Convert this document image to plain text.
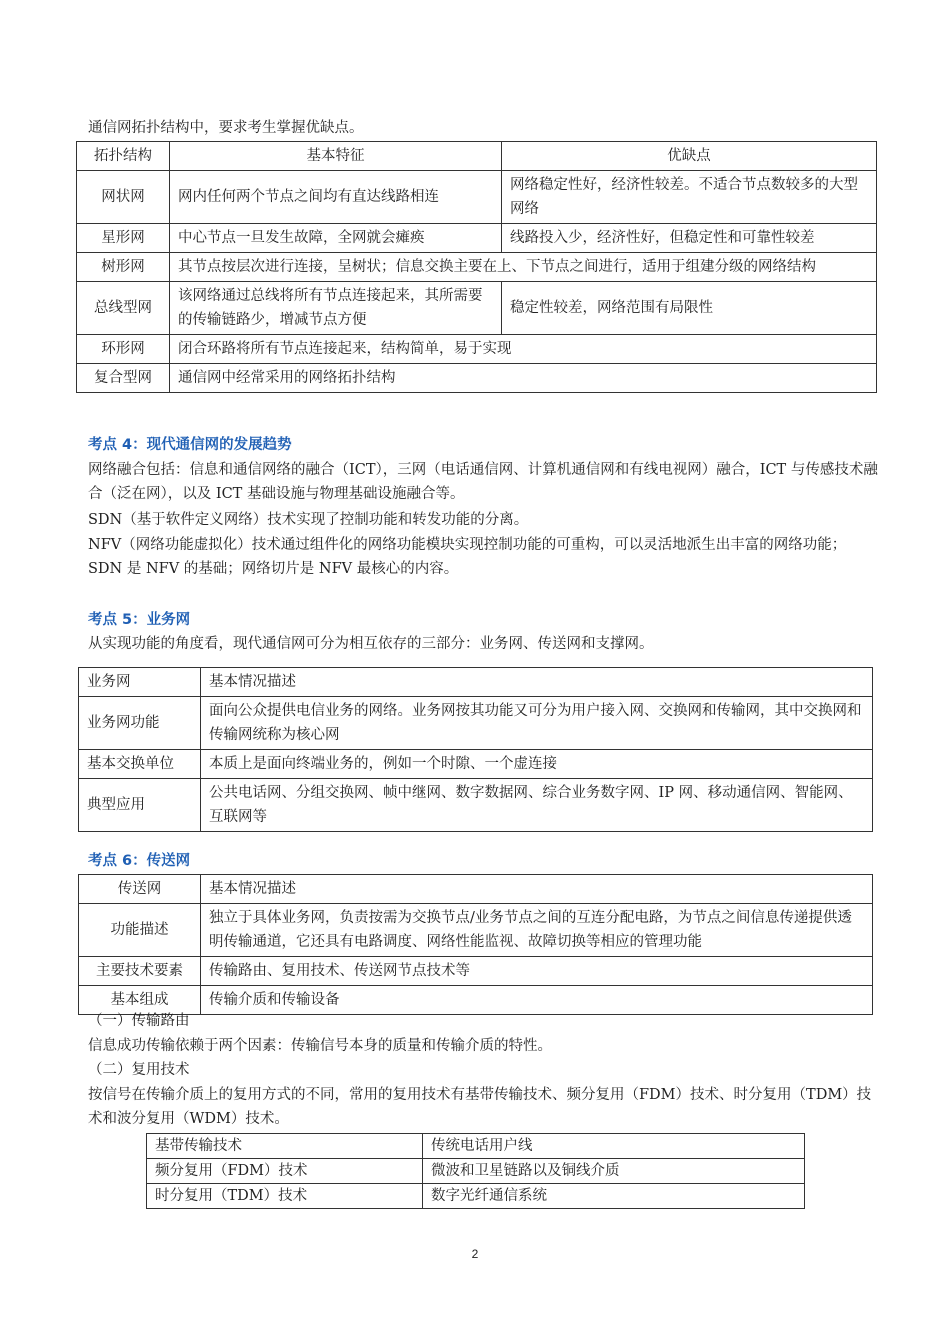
通信网拓扑结构中，要求考生掌握优缺点。
拓扑结构	基本特征	优缺点
网状网	网内任何两个节点之间均有直达线路相连	网络稳定性好，经济性较差。不适合节点数较多的大型网络
星形网	中心节点一旦发生故障，全网就会瘫痪	线路投入少，经济性好，但稳定性和可靠性较差
树形网	其节点按层次进行连接，呈树状；信息交换主要在上、下节点之间进行，适用于组建分级的网络结构	
总线型网	该网络通过总线将所有节点连接起来，其所需要的传输链路少，增减节点方便	稳定性较差，网络范围有局限性
环形网	闭合环路将所有节点连接起来，结构简单，易于实现	
复合型网	通信网中经常采用的网络拓扑结构	
考点 4：现代通信网的发展趋势
网络融合包括：信息和通信网络的融合（ICT），三网（电话通信网、计算机通信网和有线电视网）融合，ICT 与传感技术融合（泛在网），以及 ICT 基础设施与物理基础设施融合等。
SDN（基于软件定义网络）技术实现了控制功能和转发功能的分离。
NFV（网络功能虚拟化）技术通过组件化的网络功能模块实现控制功能的可重构，可以灵活地派生出丰富的网络功能；SDN 是 NFV 的基础；网络切片是 NFV 最核心的内容。
考点 5：业务网
从实现功能的角度看，现代通信网可分为相互依存的三部分：业务网、传送网和支撑网。
业务网	基本情况描述
业务网功能	面向公众提供电信业务的网络。业务网按其功能又可分为用户接入网、交换网和传输网，其中交换网和传输网统称为核心网
基本交换单位	本质上是面向终端业务的，例如一个时隙、一个虚连接
典型应用	公共电话网、分组交换网、帧中继网、数字数据网、综合业务数字网、IP 网、移动通信网、智能网、互联网等
考点 6：传送网
传送网	基本情况描述
功能描述	独立于具体业务网，负责按需为交换节点/业务节点之间的互连分配电路，为节点之间信息传递提供透明传输通道，它还具有电路调度、网络性能监视、故障切换等相应的管理功能
主要技术要素	传输路由、复用技术、传送网节点技术等
基本组成	传输介质和传输设备
（一）传输路由
信息成功传输依赖于两个因素：传输信号本身的质量和传输介质的特性。
（二）复用技术
按信号在传输介质上的复用方式的不同，常用的复用技术有基带传输技术、频分复用（FDM）技术、时分复用（TDM）技术和波分复用（WDM）技术。
基带传输技术	传统电话用户线
频分复用（FDM）技术	微波和卫星链路以及铜线介质
时分复用（TDM）技术	数字光纤通信系统
2
